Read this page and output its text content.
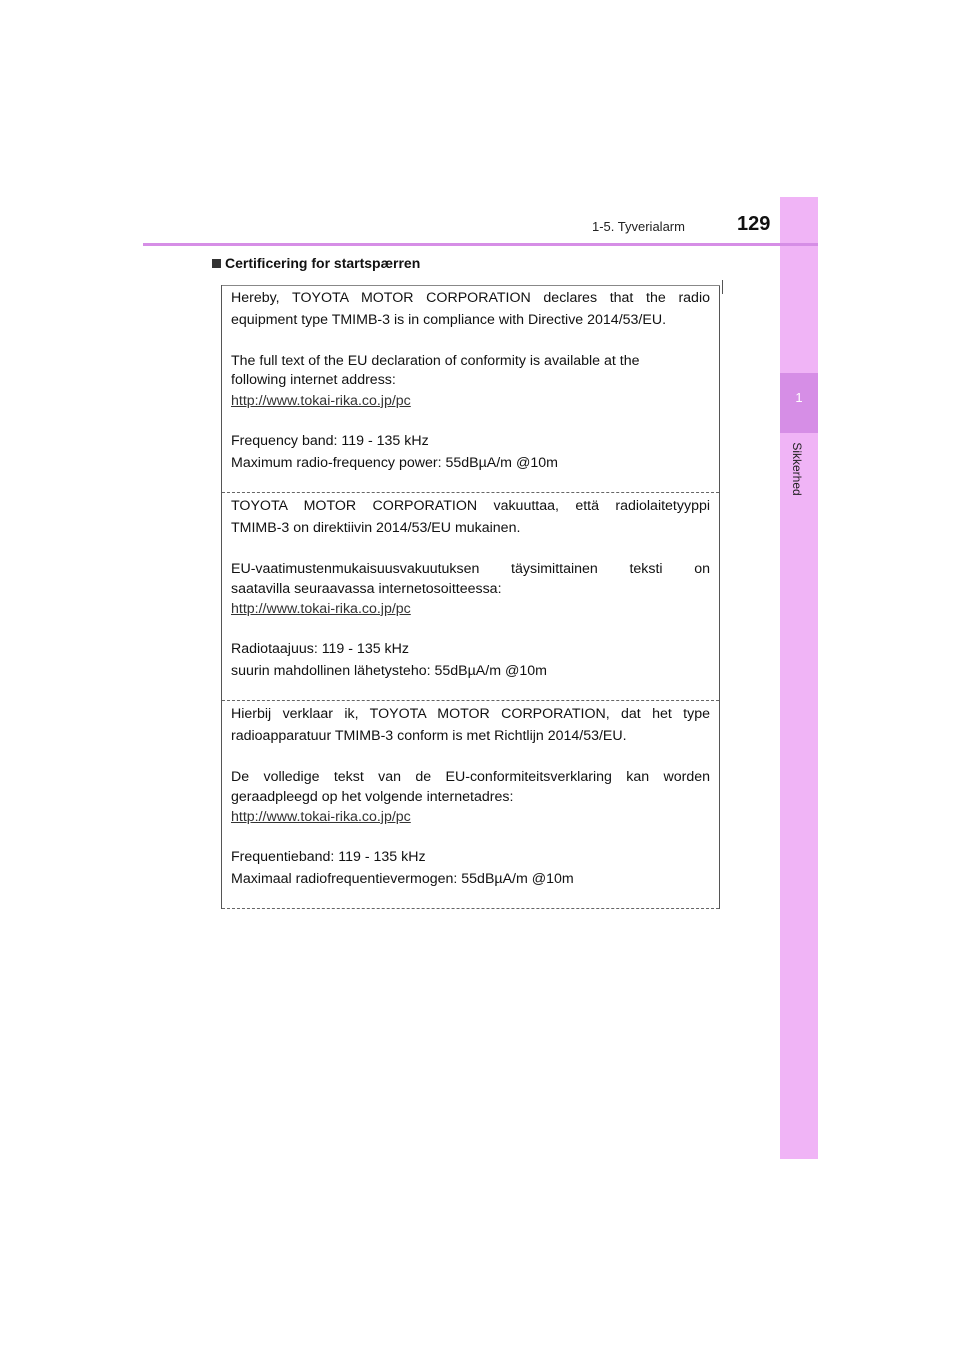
1
Sikkerhed
1-5. Tyverialarm	129
Certificering for startspærren

Hereby, TOYOTA MOTOR CORPORATION declares that the radio

equipment type TMIMB-3 is in compliance with Directive 2014/53/EU.

The full text of the EU declaration of conformity is available at the

following internet address:

http://www.tokai-rika.co.jp/pc

Frequency band: 119 - 135 kHz

Maximum radio-frequency power: 55dBµA/m @10m

TOYOTA MOTOR CORPORATION vakuuttaa, että radiolaitetyyppi

TMIMB-3 on direktiivin 2014/53/EU mukainen.

EU-vaatimustenmukaisuusvakuutuksen täysimittainen teksti on

saatavilla seuraavassa internetosoitteessa:

http://www.tokai-rika.co.jp/pc

Radiotaajuus: 119 - 135 kHz

suurin mahdollinen lähetysteho: 55dBµA/m @10m

Hierbij verklaar ik, TOYOTA MOTOR CORPORATION, dat het type

radioapparatuur TMIMB-3 conform is met Richtlijn 2014/53/EU.

De volledige tekst van de EU-conformiteitsverklaring kan worden

geraadpleegd op het volgende internetadres:

http://www.tokai-rika.co.jp/pc

Frequentieband: 119 - 135 kHz

Maximaal radiofrequentievermogen: 55dBµA/m @10m
